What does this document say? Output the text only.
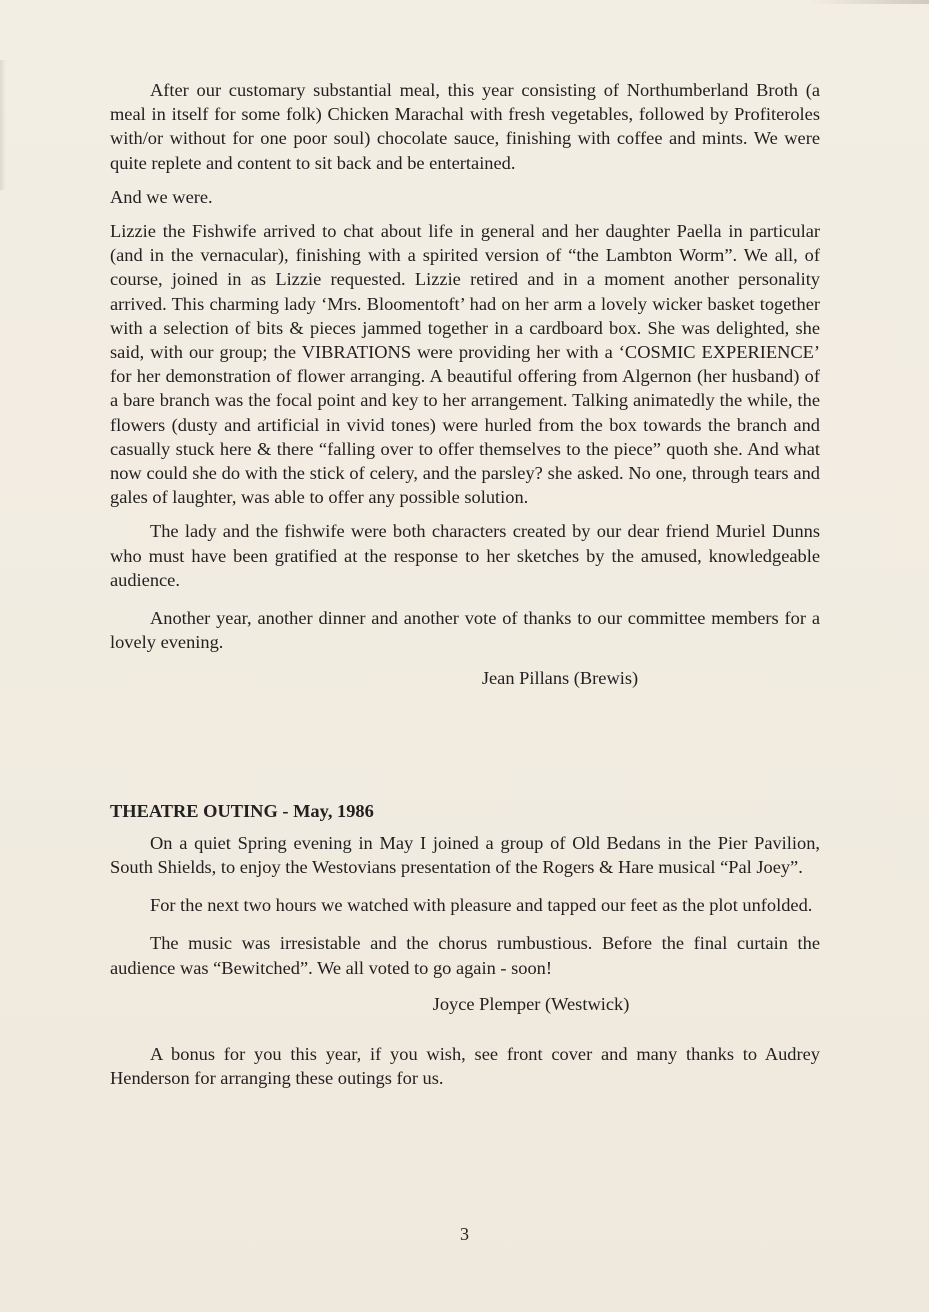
After our customary substantial meal, this year consisting of Northumberland Broth (a meal in itself for some folk) Chicken Marachal with fresh vegetables, followed by Profiteroles with/or without for one poor soul) chocolate sauce, finishing with coffee and mints. We were quite replete and content to sit back and be entertained.

And we were.

Lizzie the Fishwife arrived to chat about life in general and her daughter Paella in particular (and in the vernacular), finishing with a spirited version of “the Lambton Worm”. We all, of course, joined in as Lizzie requested. Lizzie retired and in a moment another personality arrived. This charming lady ‘Mrs. Bloomentoft’ had on her arm a lovely wicker basket together with a selection of bits & pieces jammed together in a cardboard box. She was delighted, she said, with our group; the VIBRATIONS were providing her with a ‘COSMIC EXPERIENCE’ for her demonstration of flower arranging. A beautiful offering from Algernon (her husband) of a bare branch was the focal point and key to her arrangement. Talking animatedly the while, the flowers (dusty and artificial in vivid tones) were hurled from the box towards the branch and casually stuck here & there “falling over to offer themselves to the piece” quoth she. And what now could she do with the stick of celery, and the parsley? she asked. No one, through tears and gales of laughter, was able to offer any possible solution.

The lady and the fishwife were both characters created by our dear friend Muriel Dunns who must have been gratified at the response to her sketches by the amused, knowledgeable audience.

Another year, another dinner and another vote of thanks to our committee members for a lovely evening.

Jean Pillans (Brewis)

THEATRE OUTING - May, 1986

On a quiet Spring evening in May I joined a group of Old Bedans in the Pier Pavilion, South Shields, to enjoy the Westovians presentation of the Rogers & Hare musical “Pal Joey”.

For the next two hours we watched with pleasure and tapped our feet as the plot unfolded.

The music was irresistable and the chorus rumbustious. Before the final curtain the audience was “Bewitched”. We all voted to go again - soon!

Joyce Plemper (Westwick)

A bonus for you this year, if you wish, see front cover and many thanks to Audrey Henderson for arranging these outings for us.

3
